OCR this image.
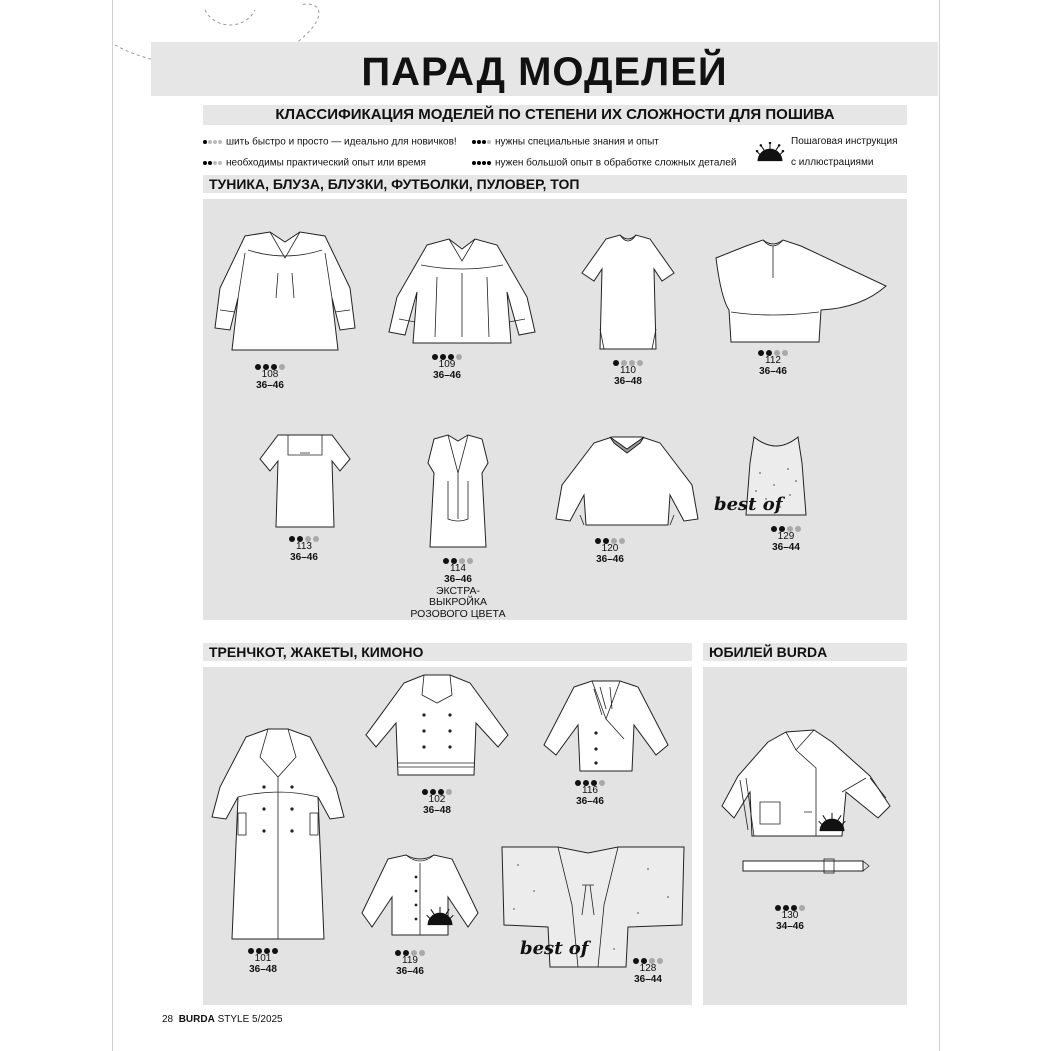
ПАРАД МОДЕЛЕЙ
КЛАССИФИКАЦИЯ МОДЕЛЕЙ ПО СТЕПЕНИ ИХ СЛОЖНОСТИ ДЛЯ ПОШИВА
шить быстро и просто — идеально для новичков!
необходимы практический опыт или время
нужны специальные знания и опыт
нужен большой опыт в обработке сложных деталей
Пошаговая инструкция
с иллюстрациями
ТУНИКА, БЛУЗА, БЛУЗКИ, ФУТБОЛКИ, ПУЛОВЕР, ТОП
108
36–46
109
36–46	110
36–48
112
36–46
113
36–46
114
36–46
ЭКСТРА-ВЫКРОЙКА
РОЗОВОГО ЦВЕТА
120
36–46
best of
129
36–44
ТРЕНЧКОТ, ЖАКЕТЫ, КИМОНО	ЮБИЛЕЙ BURDA
101
36–48
102
36–48
116
36–46
119
36–46
best of
128
36–44
130
34–46
28 BURDA STYLE 5/2025
